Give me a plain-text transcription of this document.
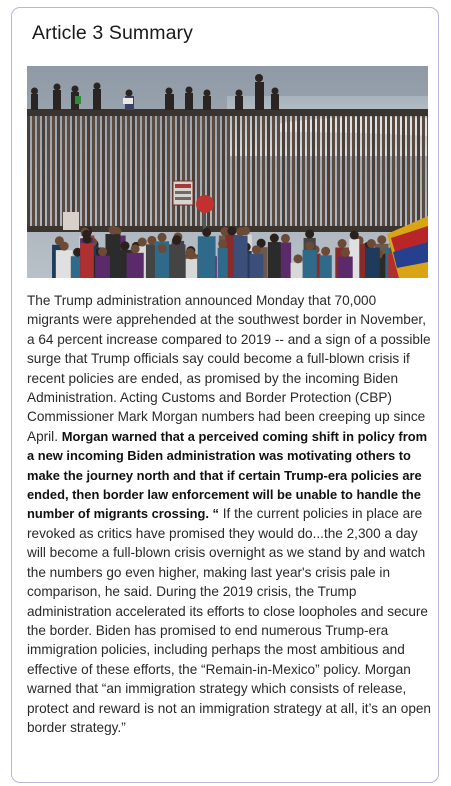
Article 3 Summary

The Trump administration announced Monday that 70,000 migrants were apprehended at the southwest border in November, a 64 percent increase compared to 2019 -- and a sign of a possible surge that Trump officials say could become a full-blown crisis if recent policies are ended, as promised by the incoming Biden Administration. Acting Customs and Border Protection (CBP) Commissioner Mark Morgan numbers had been creeping up since April. Morgan warned that a perceived coming shift in policy from a new incoming Biden administration was motivating others to make the journey north and that if certain Trump-era policies are ended, then border law enforcement will be unable to handle the number of migrants crossing. “ If the current policies in place are revoked as critics have promised they would do...the 2,300 a day will become a full-blown crisis overnight as we stand by and watch the numbers go even higher, making last year's crisis pale in comparison, he said. During the 2019 crisis, the Trump administration accelerated its efforts to close loopholes and secure the border. Biden has promised to end numerous Trump-era immigration policies, including perhaps the most ambitious and effective of these efforts, the “Remain-in-Mexico” policy. Morgan warned that “an immigration strategy which consists of release, protect and reward is not an immigration strategy at all, it’s an open border strategy.”
